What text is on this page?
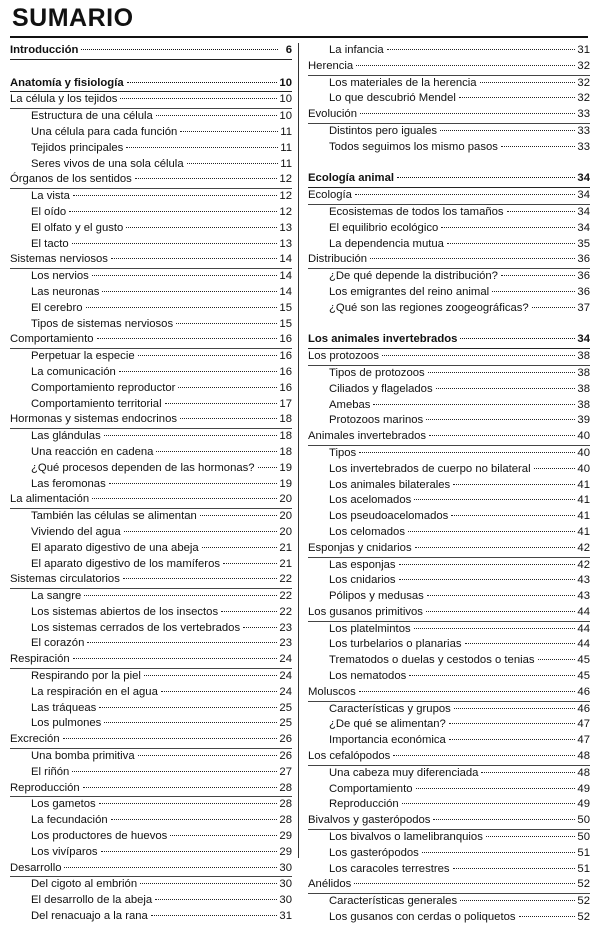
SUMARIO
Introducción	6
Anatomía y fisiología	10
La célula y los tejidos	10
Estructura de una célula	10
Una célula para cada función	11
Tejidos principales	11
Seres vivos de una sola célula	11
Órganos de los sentidos	12
La vista	12
El oído	12
El olfato y el gusto	13
El tacto	13
Sistemas nerviosos	14
Los nervios	14
Las neuronas	14
El cerebro	15
Tipos de sistemas nerviosos	15
Comportamiento	16
Perpetuar la especie	16
La comunicación	16
Comportamiento reproductor	16
Comportamiento territorial	17
Hormonas y sistemas endocrinos	18
Las glándulas	18
Una reacción en cadena	18
¿Qué procesos dependen de las hormonas? 19
Las feromonas	19
La alimentación	20
También las células se alimentan	20
Viviendo del agua	20
El aparato digestivo de una abeja	21
El aparato digestivo de los mamíferos	21
Sistemas circulatorios	22
La sangre	22
Los sistemas abiertos de los insectos	22
Los sistemas cerrados de los vertebrados	23
El corazón	23
Respiración	24
Respirando por la piel	24
La respiración en el agua	24
Las tráqueas	25
Los pulmones	25
Excreción	26
Una bomba primitiva	26
El riñón	27
Reproducción	28
Los gametos	28
La fecundación	28
Los productores de huevos	29
Los vivíparos	29
Desarrollo	30
Del cigoto al embrión	30
El desarrollo de la abeja	30
Del renacuajo a la rana	31
La infancia	31
Herencia	32
Los materiales de la herencia	32
Lo que descubrió Mendel	32
Evolución	33
Distintos pero iguales	33
Todos seguimos los mismo pasos	33
Ecología animal	34
Ecología	34
Ecosistemas de todos los tamaños	34
El equilibrio ecológico	34
La dependencia mutua	35
Distribución	36
¿De qué depende la distribución?	36
Los emigrantes del reino animal	36
¿Qué son las regiones zoogeográficas?	37
Los animales invertebrados	34
Los protozoos	38
Tipos de protozoos	38
Ciliados y flagelados	38
Amebas	38
Protozoos marinos	39
Animales invertebrados	40
Tipos	40
Los invertebrados de cuerpo no bilateral	40
Los animales bilaterales	41
Los acelomados	41
Los pseudoacelomados	41
Los celomados	41
Esponjas y cnidarios	42
Las esponjas	42
Los cnidarios	43
Pólipos y medusas	43
Los gusanos primitivos	44
Los platelmintos	44
Los turbelarios o planarias	44
Trematodos o duelas y cestodos o tenias	45
Los nematodos	45
Moluscos	46
Características y grupos	46
¿De qué se alimentan?	47
Importancia económica	47
Los cefalópodos	48
Una cabeza muy diferenciada	48
Comportamiento	49
Reproducción	49
Bivalvos y gasterópodos	50
Los bivalvos o lamelibranquios	50
Los gasterópodos	51
Los caracoles terrestres	51
Anélidos	52
Características generales	52
Los gusanos con cerdas o poliquetos	52
